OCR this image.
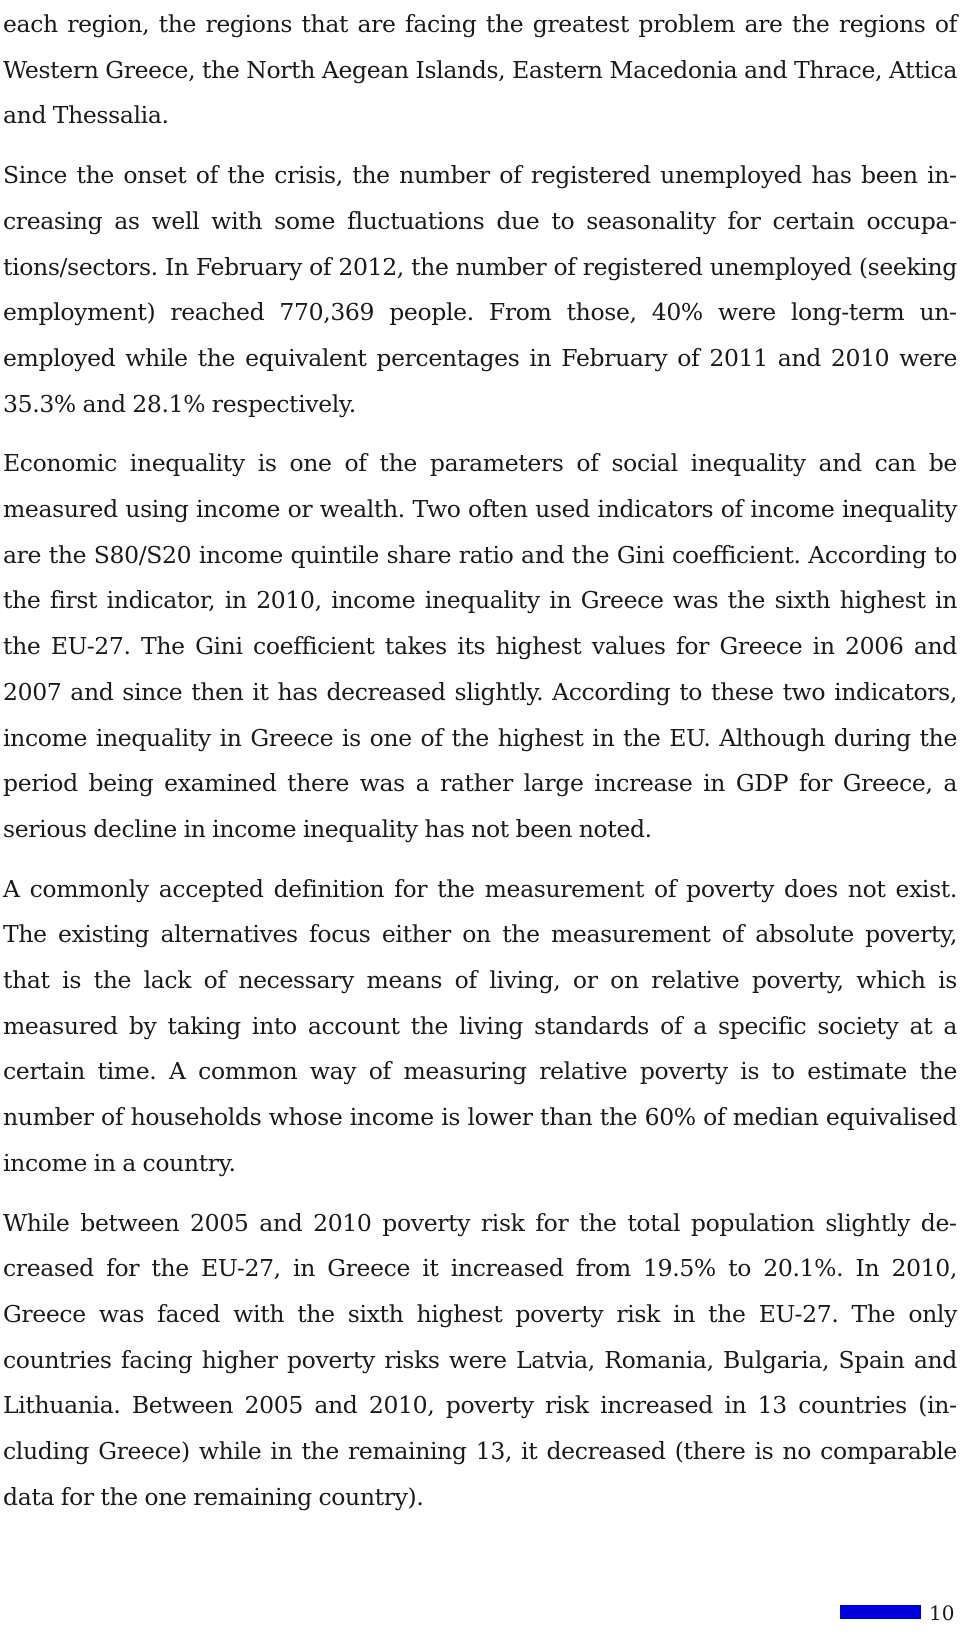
each region, the regions that are facing the greatest problem are the regions of Western Greece, the North Aegean Islands, Eastern Macedonia and Thrace, Attica and Thessalia.

Since the onset of the crisis, the number of registered unemployed has been increasing as well with some fluctuations due to seasonality for certain occupations/sectors. In February of 2012, the number of registered unemployed (seeking employment) reached 770,369 people. From those, 40% were long-term unemployed while the equivalent percentages in February of 2011 and 2010 were 35.3% and 28.1% respectively.

Economic inequality is one of the parameters of social inequality and can be measured using income or wealth. Two often used indicators of income inequality are the S80/S20 income quintile share ratio and the Gini coefficient. According to the first indicator, in 2010, income inequality in Greece was the sixth highest in the EU-27. The Gini coefficient takes its highest values for Greece in 2006 and 2007 and since then it has decreased slightly. According to these two indicators, income inequality in Greece is one of the highest in the EU. Although during the period being examined there was a rather large increase in GDP for Greece, a serious decline in income inequality has not been noted.

A commonly accepted definition for the measurement of poverty does not exist. The existing alternatives focus either on the measurement of absolute poverty, that is the lack of necessary means of living, or on relative poverty, which is measured by taking into account the living standards of a specific society at a certain time. A common way of measuring relative poverty is to estimate the number of households whose income is lower than the 60% of median equivalised income in a country.

While between 2005 and 2010 poverty risk for the total population slightly decreased for the EU-27, in Greece it increased from 19.5% to 20.1%. In 2010, Greece was faced with the sixth highest poverty risk in the EU-27. The only countries facing higher poverty risks were Latvia, Romania, Bulgaria, Spain and Lithuania. Between 2005 and 2010, poverty risk increased in 13 countries (including Greece) while in the remaining 13, it decreased (there is no comparable data for the one remaining country).

10
